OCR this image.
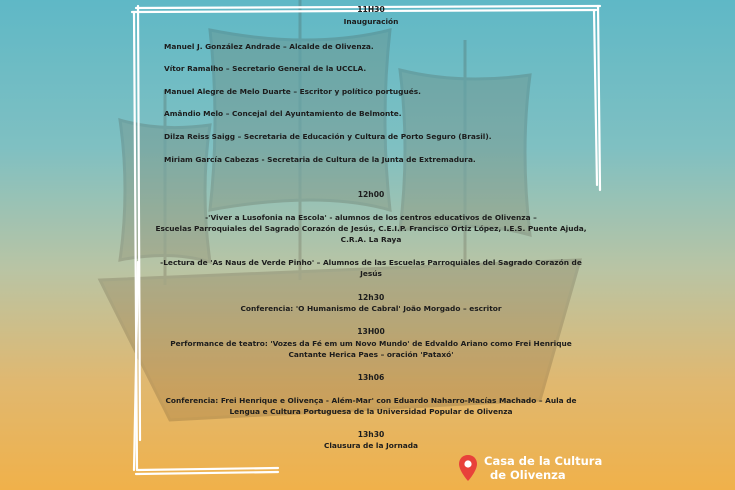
11H30
Inauguración
Manuel J. González Andrade – Alcalde de Olivenza.
Vítor Ramalho – Secretario General de la UCCLA.
Manuel Alegre de Melo Duarte – Escritor y político portugués.
Amândio Melo – Concejal del Ayuntamiento de Belmonte.
Dilza Reiss Saigg – Secretaria de Educación y Cultura de Porto Seguro (Brasil).
Miriam García Cabezas - Secretaria de Cultura de la Junta de Extremadura.
12h00
-'Viver a Lusofonia na Escola' - alumnos de los centros educativos de Olivenza –
Escuelas Parroquiales del Sagrado Corazón de Jesús, C.E.I.P. Francisco Ortiz López, I.E.S. Puente Ajuda,
C.R.A. La Raya
-Lectura de 'As Naus de Verde Pinho' – Alumnos de las Escuelas Parroquiales del Sagrado Corazón de
Jesús
12h30
Conferencia: 'O Humanismo de Cabral' João Morgado – escritor
13H00
Performance de teatro: 'Vozes da Fé em um Novo Mundo' de Edvaldo Ariano como Frei Henrique
Cantante Herica Paes – oración 'Pataxó'
13h06
Conferencia: Frei Henrique e Olivença - Além-Mar' con Eduardo Naharro-Macías Machado – Aula de
Lengua e Cultura Portuguesa de la Universidad Popular de Olivenza
13h30
Clausura de la Jornada
Casa de la Cultura
de Olivenza
